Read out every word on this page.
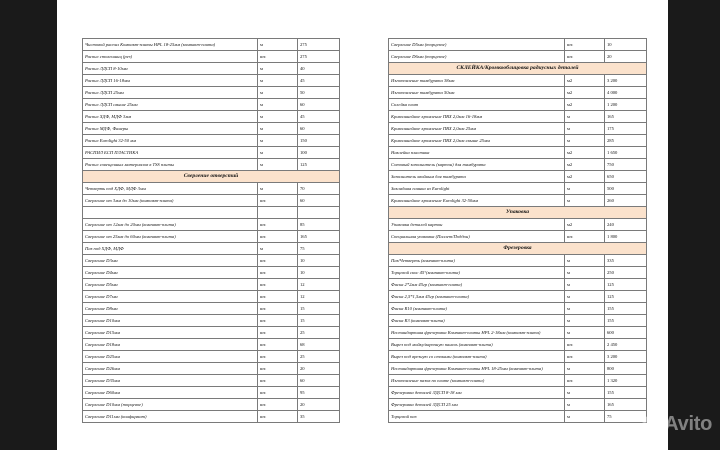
Чистовой распил Компакт-плиты HPL 18-25мм (компакт-плита)	м	275
Распил столешниц (рез)	шт.	275
Распил ЛДСП 8-10мм	м	40
Распил ЛДСП 16-18мм	м	45
Распил ЛДСП 25мм	м	50
Распил ЛДСП свыше 25мм	м	60
Распил ХДФ, МДФ 3мм	м	45
Распил МДФ, Фанеры	м	60
Распил Eurolight 32-50 мм	м	150
РАСПИЛ БСП ПЛАСТИКА	м	100
Распил совещенных материалов в TSS плиты	м	125
Сверление отверстий		
Четверть под ХДФ, МДФ 3мм	м	70
Сверление от 3мм до 10мм (компакт-плита)	шт.	60

Сверление от 12мм до 20мм (компакт-плита)	шт.	85
Сверление от 25мм до 60мм (компакт-плита)	шт.	165
Паз под ХДФ, МДФ	м	75
Сверление D3мм	шт.	10
Сверление D4мм	шт.	10
Сверление D5мм	шт.	12
Сверление D7мм	шт.	12
Сверление D8мм	шт.	15
Сверление D10мм	шт.	15
Сверление D15мм	шт.	25
Сверление D18мм	шт.	68
Сверление D25мм	шт.	25
Сверление D26мм	шт.	20
Сверление D35мм	шт.	60
Сверление D60мм	шт.	95
Сверление D10мм (торцевое)	шт.	20
Сверление D11мм (конфирмат)	шт.	35
Сверление D5мм (торцевое)	шт.	10
Сверление D6мм (торцевое)	шт.	20
СКЛЕЙКА/Кромкооблицовка радиусных деталей		
Изготовление тамбурата 38мм	м2	3 200
Изготовление тамбурата 50мм	м2	4 000
Склейка плит	м2	1 200
Криволинейное кромление ПВХ 2,0мм 16-18мм	м	165
Криволинейное кромление ПВХ 2,0мм 25мм	м	175
Криволинейное кромление ПВХ 2,0мм свыше 25мм	м	285
Наклейка пластика	м2	1 650
Сотовый заполнитель (картон) для тамбурата	м2	750
Заполнитель хвойным для тамбурата	м2	650
Закладная планка из Eurolight	м	500
Криволинейное кромление Eurolight 32-50мм	м	260
Упаковка		
Упаковка деталей картон	м2	240
Специальная упаковка (Паллет/Поддон)	шт.	1 800
Фрезеровка		
Паз/Четверть (компакт-плита)	м	335
Торцевой скос 45°(компакт-плита)	м	250
Фаска 2*2мм 45гр (компакт-плита)	м	125
Фаска 2,5*1,5мм 45гр (компакт-плита)	м	125
Фаска R10 (компакт-плита)	м	155
Фаска R3 (компакт-плита)	м	155
Нестандартная фрезеровка Компакт-плиты HPL 2-18мм (компакт-плита)	м	600
Вырез под мойку/варочную панель (компакт-плита)	шт.	2 450
Вырез под врезную со стоками (компакт-плита)	шт.	3 200
Нестандартная фрезеровка Компакт-плиты HPL 18-25мм (компакт-плита)	м	800
Изготовление пазов по плите (компакт-плита)	шт.	1 320
Фрезеровка деталей ЛДСП 8-18 мм	м	155
Фрезеровка деталей ЛДСП 25 мм	м	165
Торцевой паз	м	75	Avito
